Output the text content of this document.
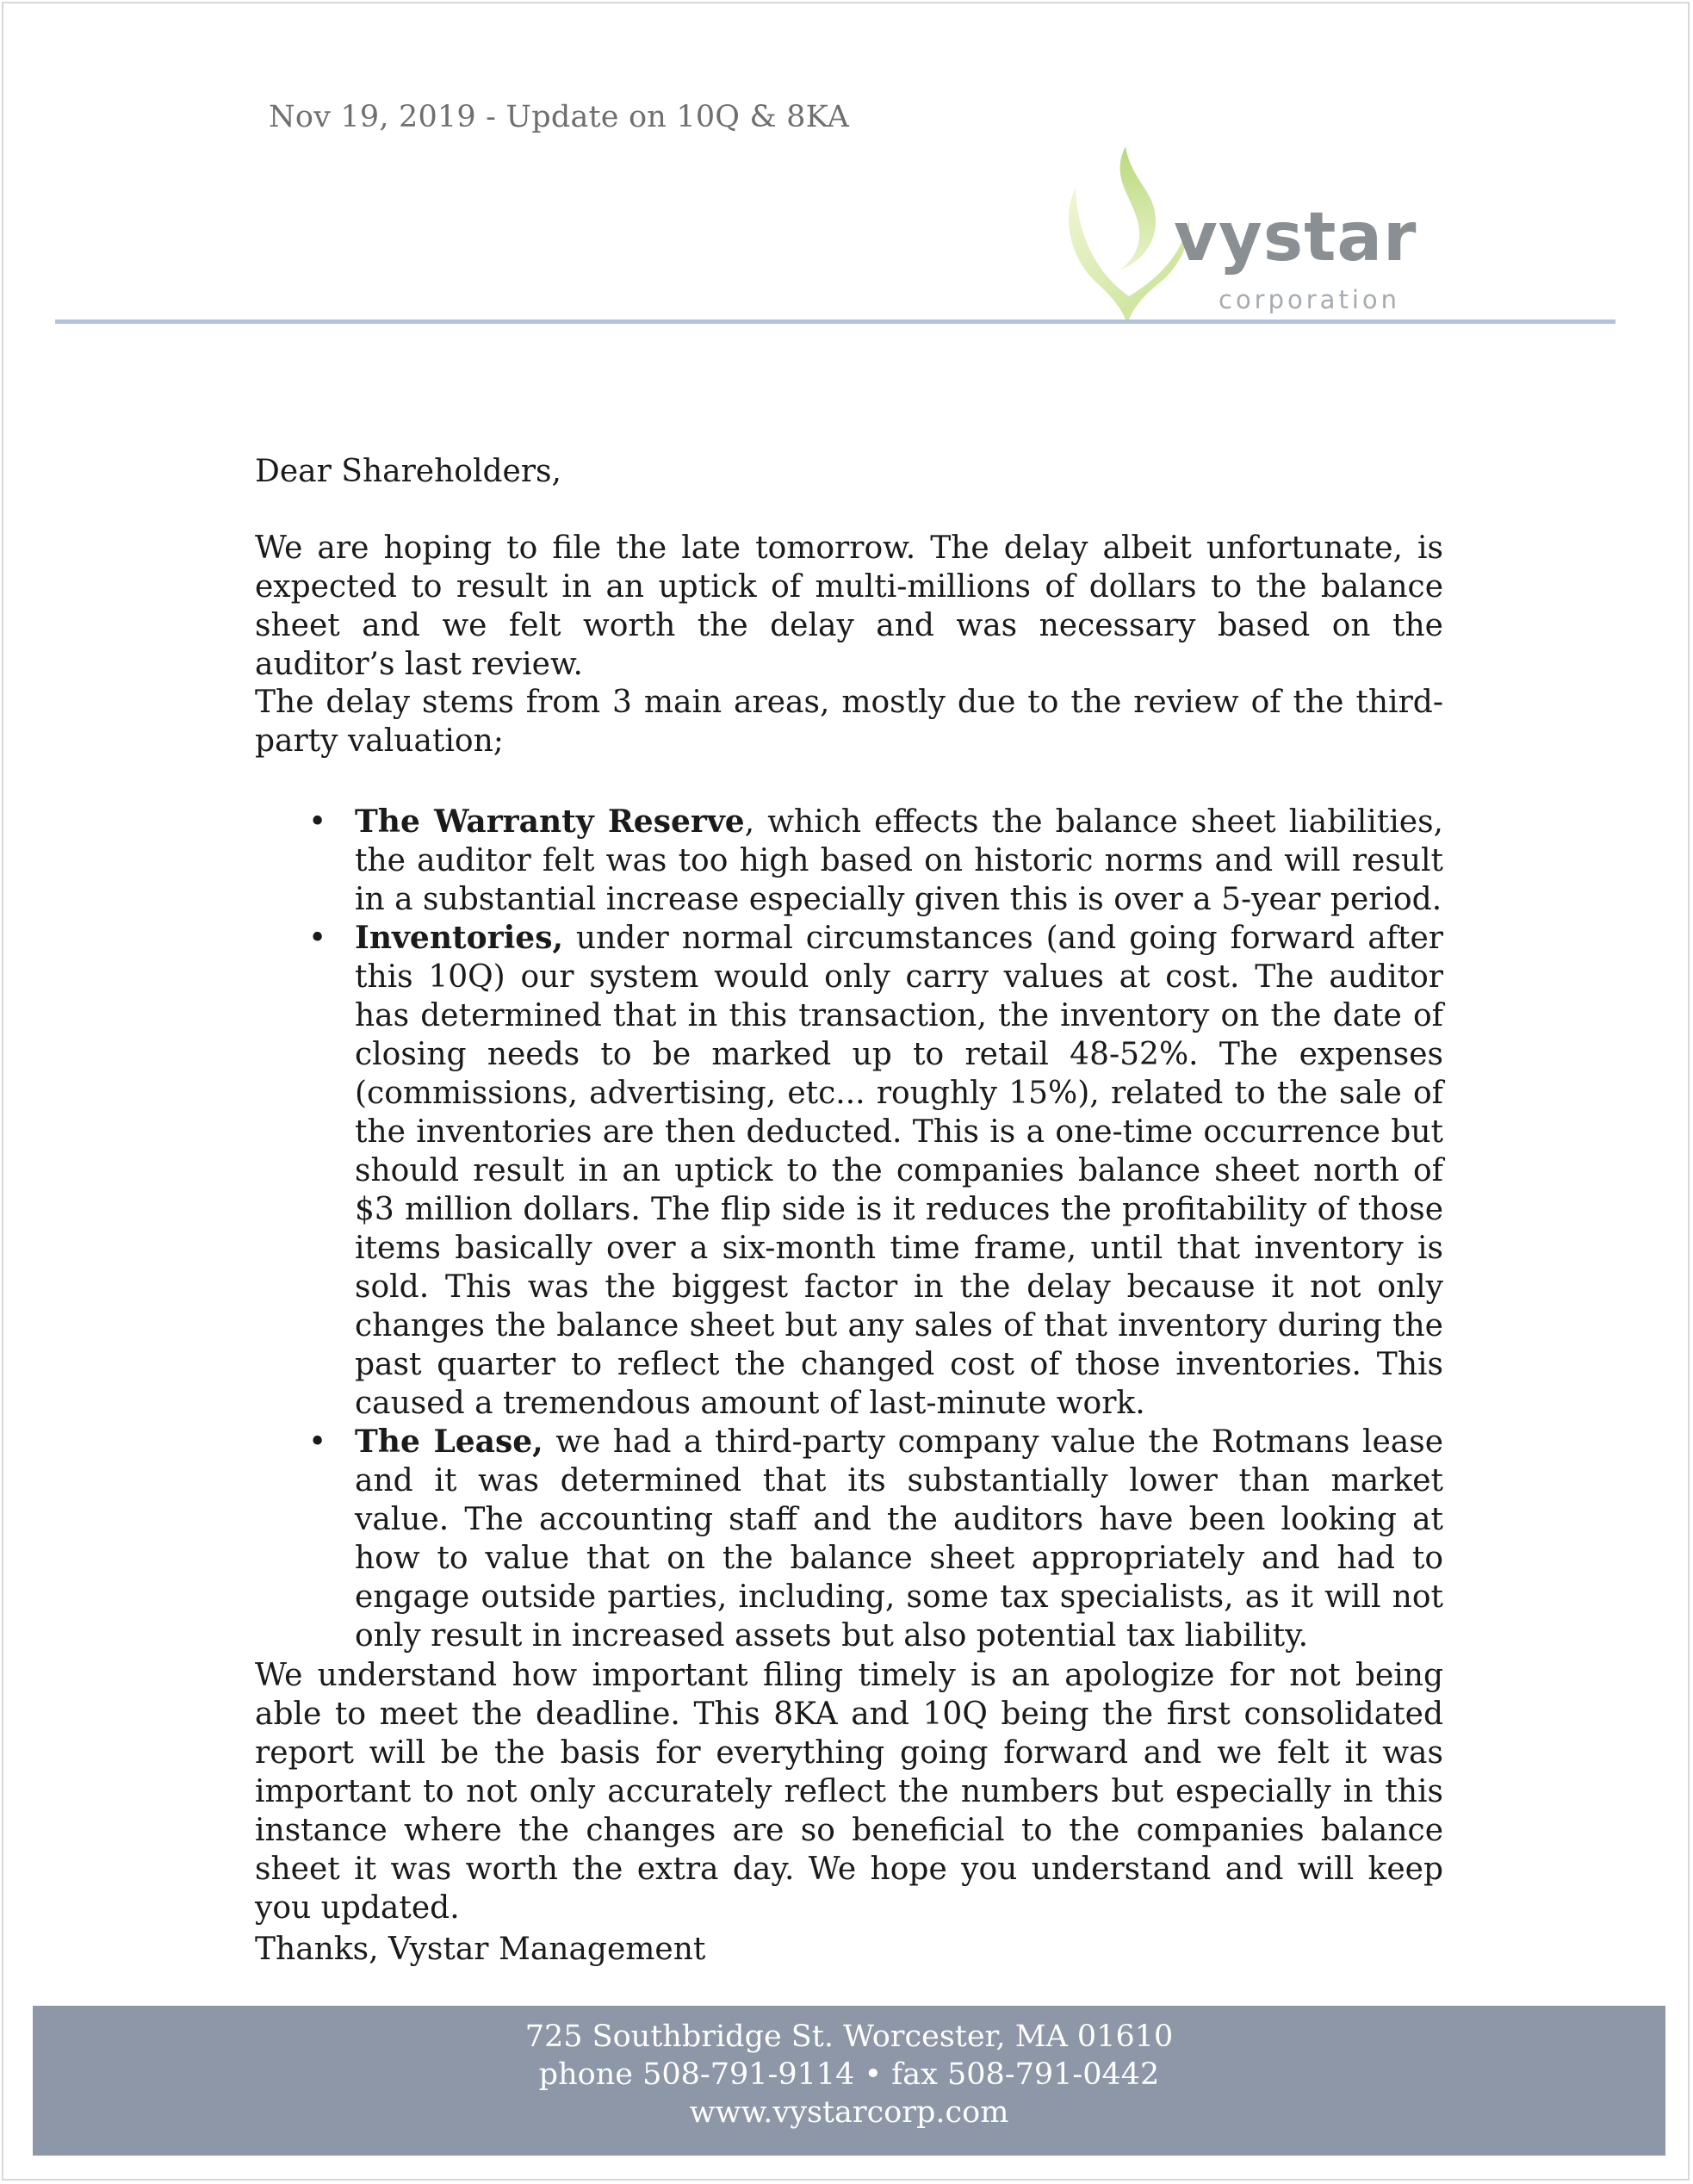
Nov 19, 2019 - Update on 10Q & 8KA
vystar
corporation
Dear Shareholders,
We are hoping to file the late tomorrow. The delay albeit unfortunate, is expected to result in an uptick of multi-millions of dollars to the balance sheet and we felt worth the delay and was necessary based on the auditor’s last review.
The delay stems from 3 main areas, mostly due to the review of the third-party valuation;
• The Warranty Reserve, which effects the balance sheet liabilities, the auditor felt was too high based on historic norms and will result in a substantial increase especially given this is over a 5-year period.
• Inventories, under normal circumstances (and going forward after this 10Q) our system would only carry values at cost. The auditor has determined that in this transaction, the inventory on the date of closing needs to be marked up to retail 48-52%. The expenses (commissions, advertising, etc... roughly 15%), related to the sale of the inventories are then deducted. This is a one-time occurrence but should result in an uptick to the companies balance sheet north of $3 million dollars. The flip side is it reduces the profitability of those items basically over a six-month time frame, until that inventory is sold. This was the biggest factor in the delay because it not only changes the balance sheet but any sales of that inventory during the past quarter to reflect the changed cost of those inventories. This caused a tremendous amount of last-minute work.
• The Lease, we had a third-party company value the Rotmans lease and it was determined that its substantially lower than market value. The accounting staff and the auditors have been looking at how to value that on the balance sheet appropriately and had to engage outside parties, including, some tax specialists, as it will not only result in increased assets but also potential tax liability.
We understand how important filing timely is an apologize for not being able to meet the deadline. This 8KA and 10Q being the first consolidated report will be the basis for everything going forward and we felt it was important to not only accurately reflect the numbers but especially in this instance where the changes are so beneficial to the companies balance sheet it was worth the extra day. We hope you understand and will keep you updated.
Thanks, Vystar Management
725 Southbridge St. Worcester, MA 01610
phone 508-791-9114 • fax 508-791-0442
www.vystarcorp.com
